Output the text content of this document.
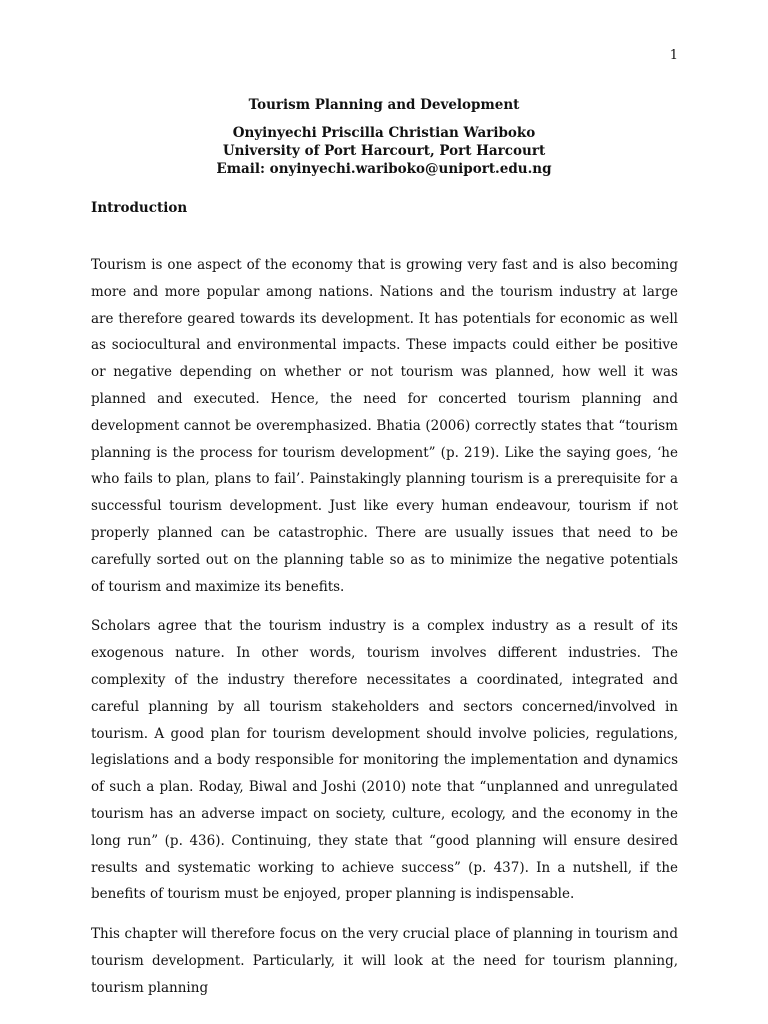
1
Tourism Planning and Development
Onyinyechi Priscilla Christian Wariboko
University of Port Harcourt, Port Harcourt
Email: onyinyechi.wariboko@uniport.edu.ng
Introduction

Tourism is one aspect of the economy that is growing very fast and is also becoming more and more popular among nations. Nations and the tourism industry at large are therefore geared towards its development. It has potentials for economic as well as sociocultural and environmental impacts. These impacts could either be positive or negative depending on whether or not tourism was planned, how well it was planned and executed. Hence, the need for concerted tourism planning and development cannot be overemphasized. Bhatia (2006) correctly states that “tourism planning is the process for tourism development” (p. 219). Like the saying goes, ‘he who fails to plan, plans to fail’. Painstakingly planning tourism is a prerequisite for a successful tourism development. Just like every human endeavour, tourism if not properly planned can be catastrophic. There are usually issues that need to be carefully sorted out on the planning table so as to minimize the negative potentials of tourism and maximize its benefits.

Scholars agree that the tourism industry is a complex industry as a result of its exogenous nature. In other words, tourism involves different industries. The complexity of the industry therefore necessitates a coordinated, integrated and careful planning by all tourism stakeholders and sectors concerned/involved in tourism. A good plan for tourism development should involve policies, regulations, legislations and a body responsible for monitoring the implementation and dynamics of such a plan. Roday, Biwal and Joshi (2010) note that “unplanned and unregulated tourism has an adverse impact on society, culture, ecology, and the economy in the long run” (p. 436). Continuing, they state that “good planning will ensure desired results and systematic working to achieve success” (p. 437). In a nutshell, if the benefits of tourism must be enjoyed, proper planning is indispensable.

This chapter will therefore focus on the very crucial place of planning in tourism and tourism development. Particularly, it will look at the need for tourism planning, tourism planning
